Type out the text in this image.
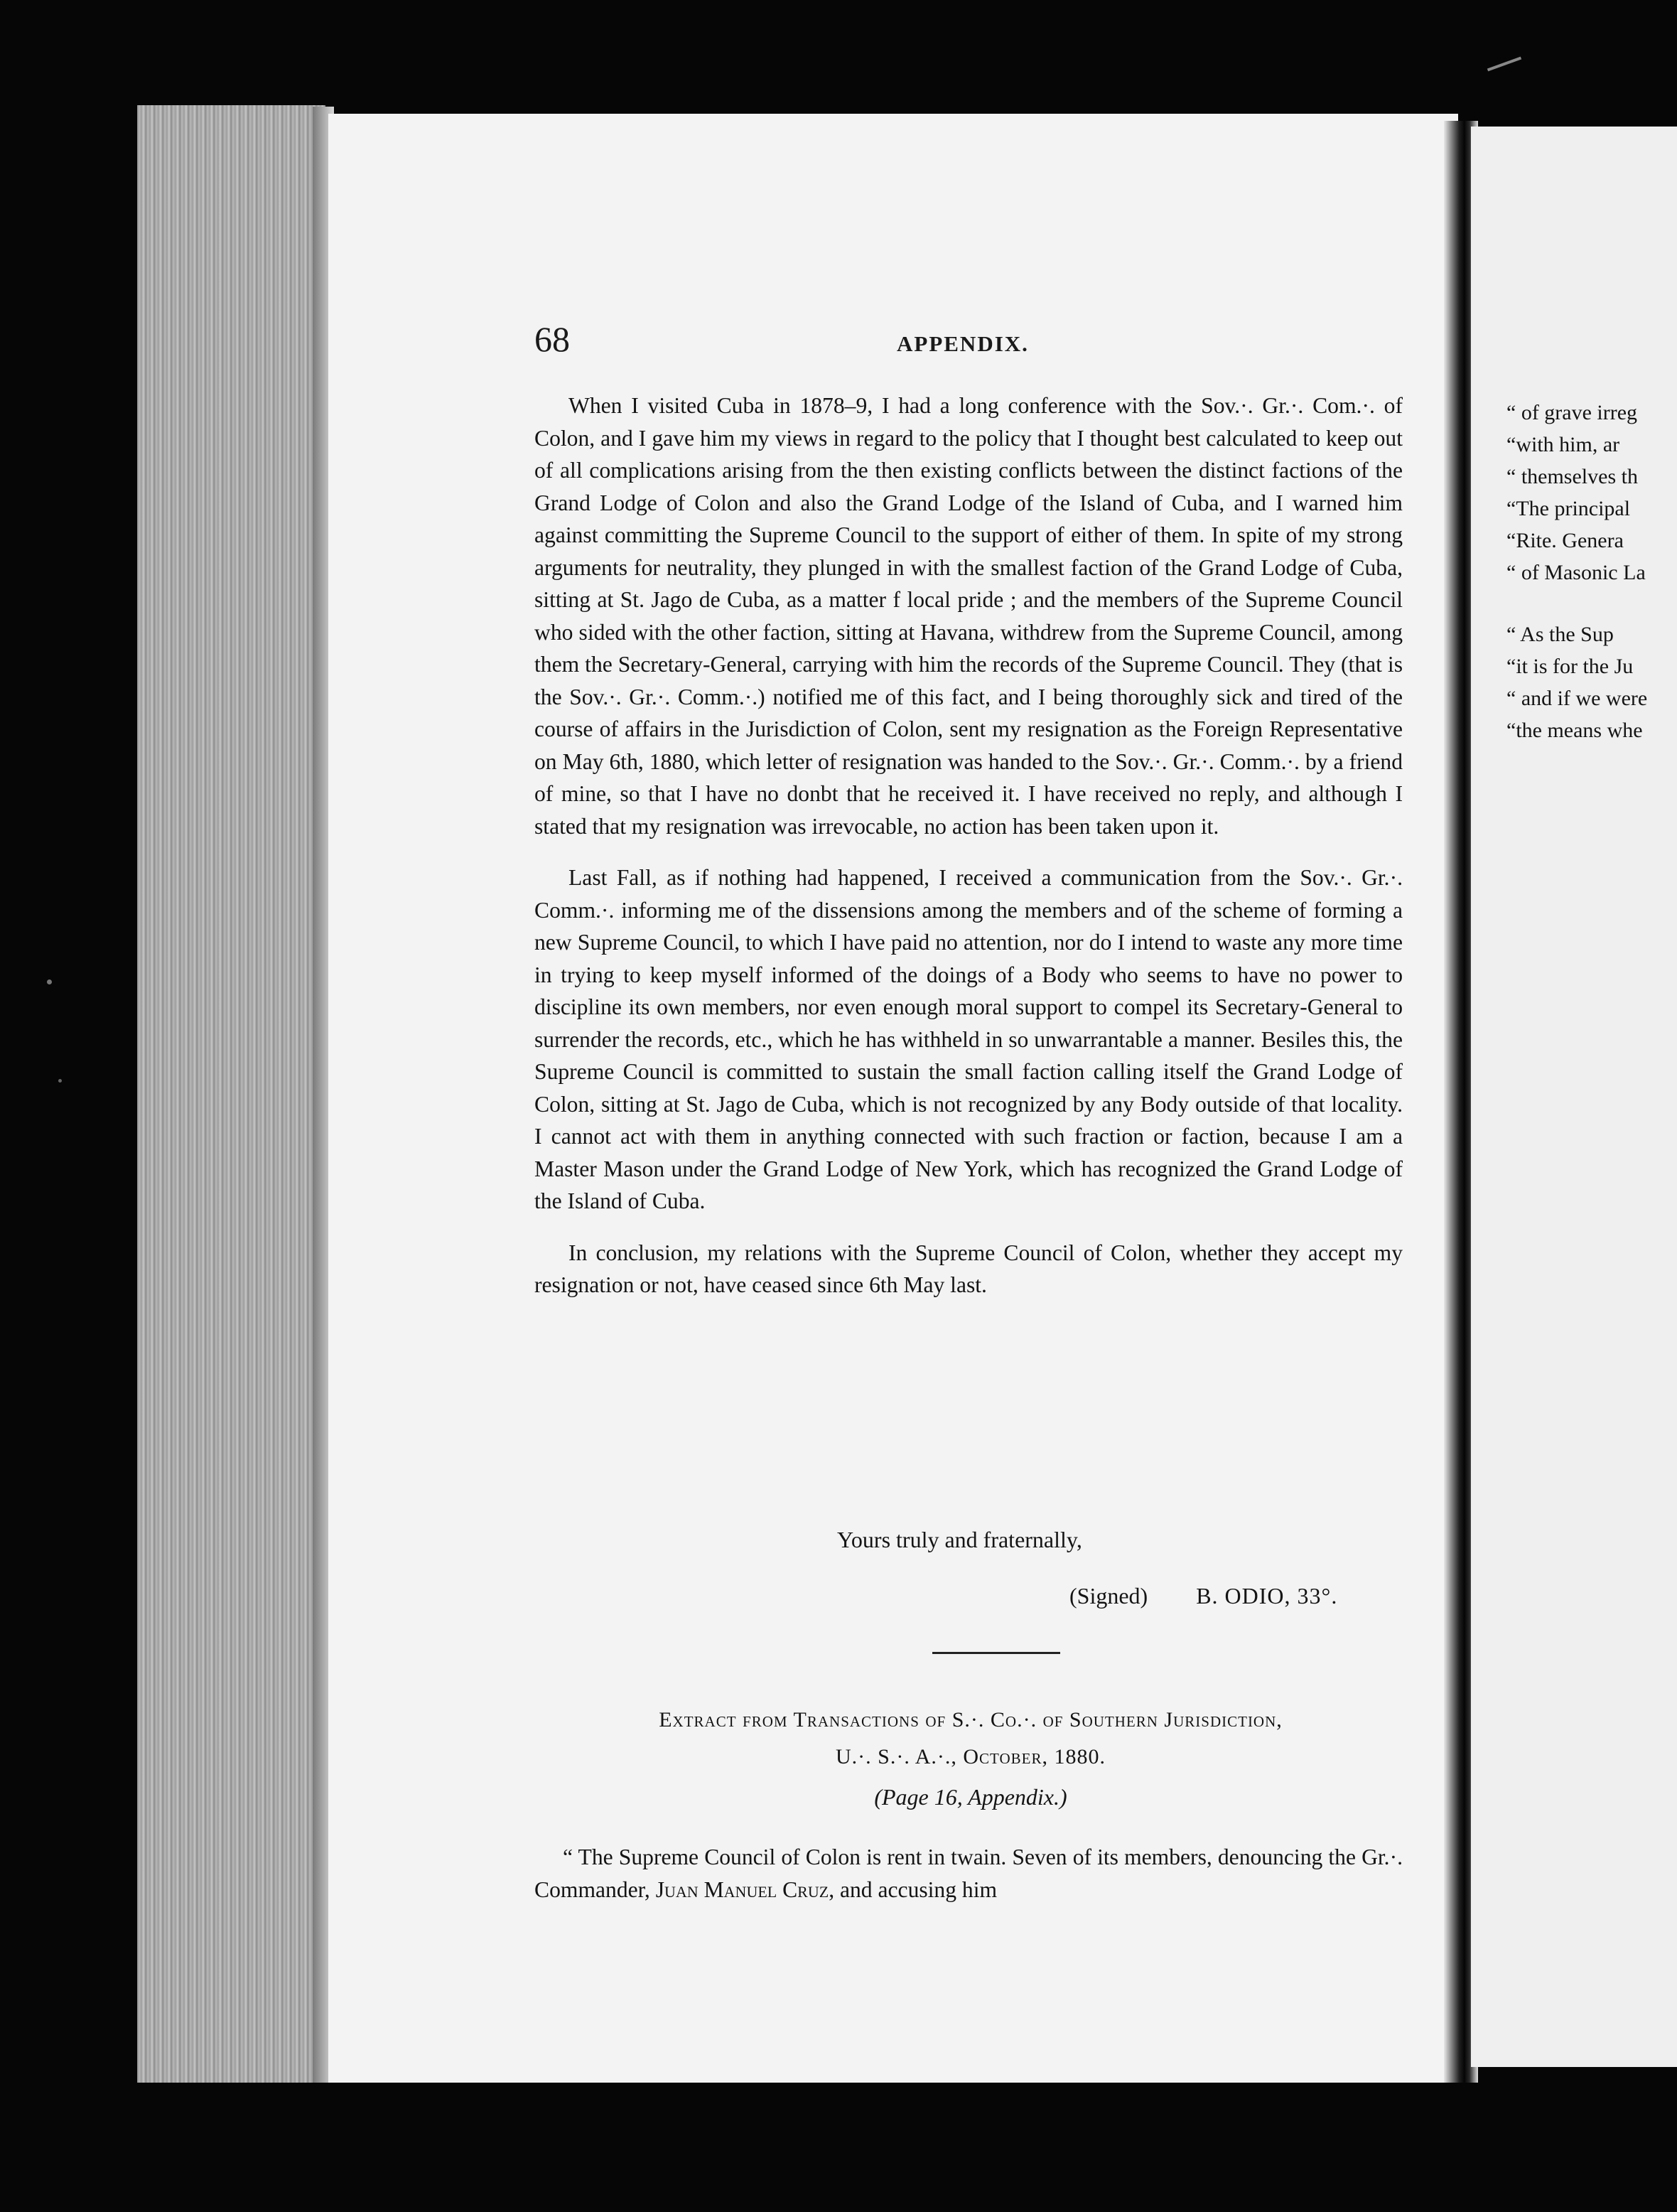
68	APPENDIX.

When I visited Cuba in 1878–9, I had a long conference with the Sov.·. Gr.·. Com.·. of Colon, and I gave him my views in regard to the policy that I thought best calculated to keep out of all complications arising from the then existing conflicts between the distinct factions of the Grand Lodge of Colon and also the Grand Lodge of the Island of Cuba, and I warned him against committing the Supreme Council to the support of either of them. In spite of my strong arguments for neutrality, they plunged in with the smallest faction of the Grand Lodge of Cuba, sitting at St. Jago de Cuba, as a matter f local pride ; and the members of the Supreme Council who sided with the other faction, sitting at Havana, withdrew from the Supreme Council, among them the Secretary-General, carrying with him the records of the Supreme Council. They (that is the Sov.·. Gr.·. Comm.·.) notified me of this fact, and I being thoroughly sick and tired of the course of affairs in the Jurisdiction of Colon, sent my resignation as the Foreign Representative on May 6th, 1880, which letter of resignation was handed to the Sov.·. Gr.·. Comm.·. by a friend of mine, so that I have no donbt that he received it. I have received no reply, and although I stated that my resignation was irrevocable, no action has been taken upon it.

Last Fall, as if nothing had happened, I received a communication from the Sov.·. Gr.·. Comm.·. informing me of the dissensions among the members and of the scheme of forming a new Supreme Council, to which I have paid no attention, nor do I intend to waste any more time in trying to keep myself informed of the doings of a Body who seems to have no power to discipline its own members, nor even enough moral support to compel its Secretary-General to surrender the records, etc., which he has withheld in so unwarrantable a manner. Besiles this, the Supreme Council is committed to sustain the small faction calling itself the Grand Lodge of Colon, sitting at St. Jago de Cuba, which is not recognized by any Body outside of that locality. I cannot act with them in anything connected with such fraction or faction, because I am a Master Mason under the Grand Lodge of New York, which has recognized the Grand Lodge of the Island of Cuba.

In conclusion, my relations with the Supreme Council of Colon, whether they accept my resignation or not, have ceased since 6th May last.

Yours truly and fraternally,
(Signed) B. ODIO, 33°.
Extract from Transactions of S.·. Co.·. of Southern Jurisdiction,
U.·. S.·. A.·., October, 1880.
(Page 16, Appendix.)

“ The Supreme Council of Colon is rent in twain. Seven of its members, denouncing the Gr.·. Commander, Juan Manuel Cruz, and accusing him

“ of grave irreg
“with him, ar
“ themselves th
“The principal
“Rite. Genera
“ of Masonic La
“ As the Sup
“it is for the Ju
“ and if we were
“the means whe
